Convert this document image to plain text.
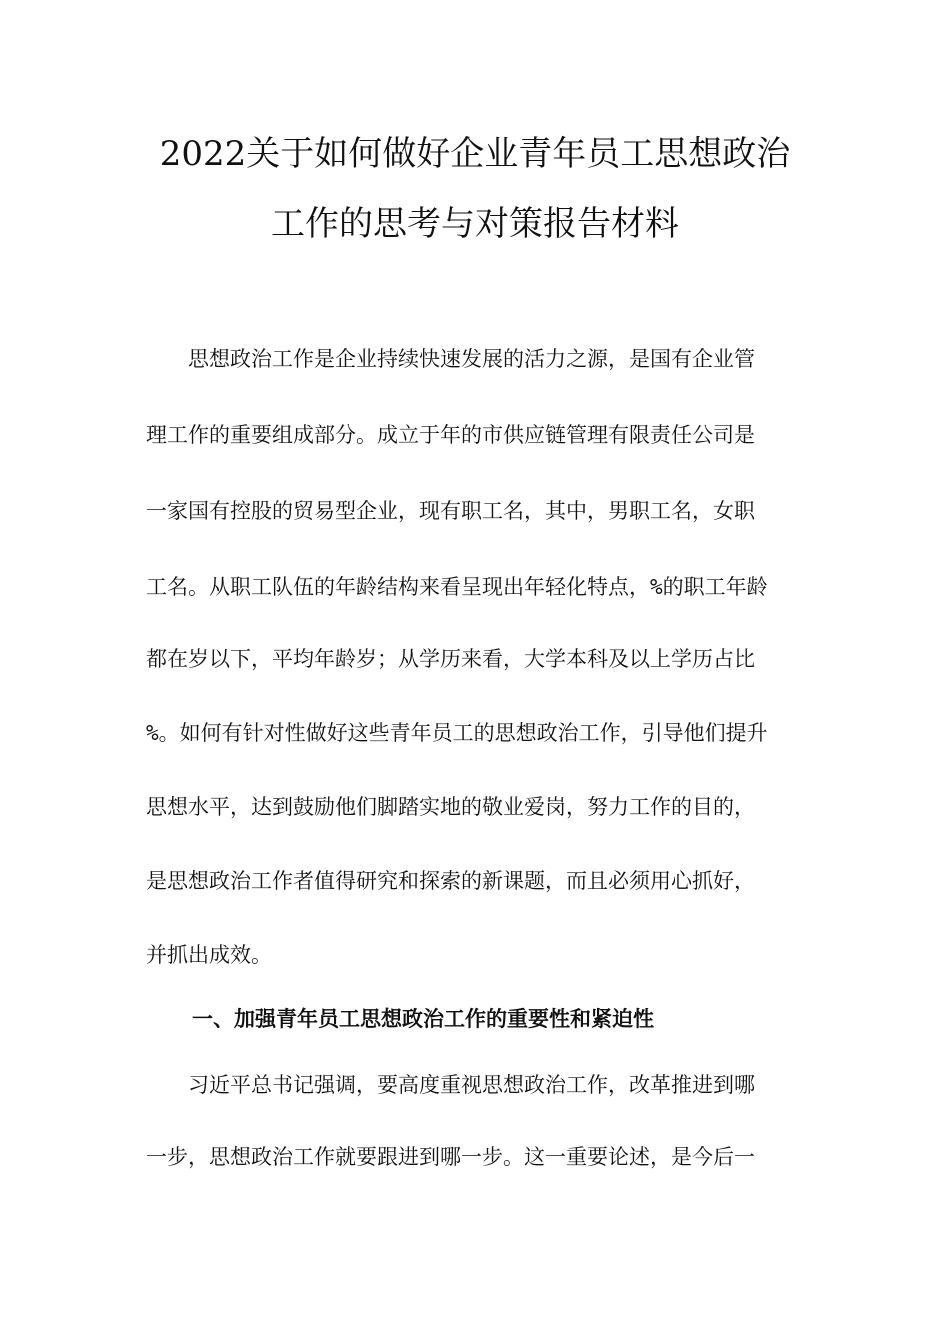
2022关于如何做好企业青年员工思想政治
工作的思考与对策报告材料
　　思想政治工作是企业持续快速发展的活力之源，是国有企业管
理工作的重要组成部分。成立于年的市供应链管理有限责任公司是
一家国有控股的贸易型企业，现有职工名，其中，男职工名，女职
工名。从职工队伍的年龄结构来看呈现出年轻化特点，%的职工年龄
都在岁以下，平均年龄岁；从学历来看，大学本科及以上学历占比
%。如何有针对性做好这些青年员工的思想政治工作，引导他们提升
思想水平，达到鼓励他们脚踏实地的敬业爱岗，努力工作的目的，
是思想政治工作者值得研究和探索的新课题，而且必须用心抓好，
并抓出成效。
一、加强青年员工思想政治工作的重要性和紧迫性
　　习近平总书记强调，要高度重视思想政治工作，改革推进到哪
一步，思想政治工作就要跟进到哪一步。这一重要论述，是今后一
